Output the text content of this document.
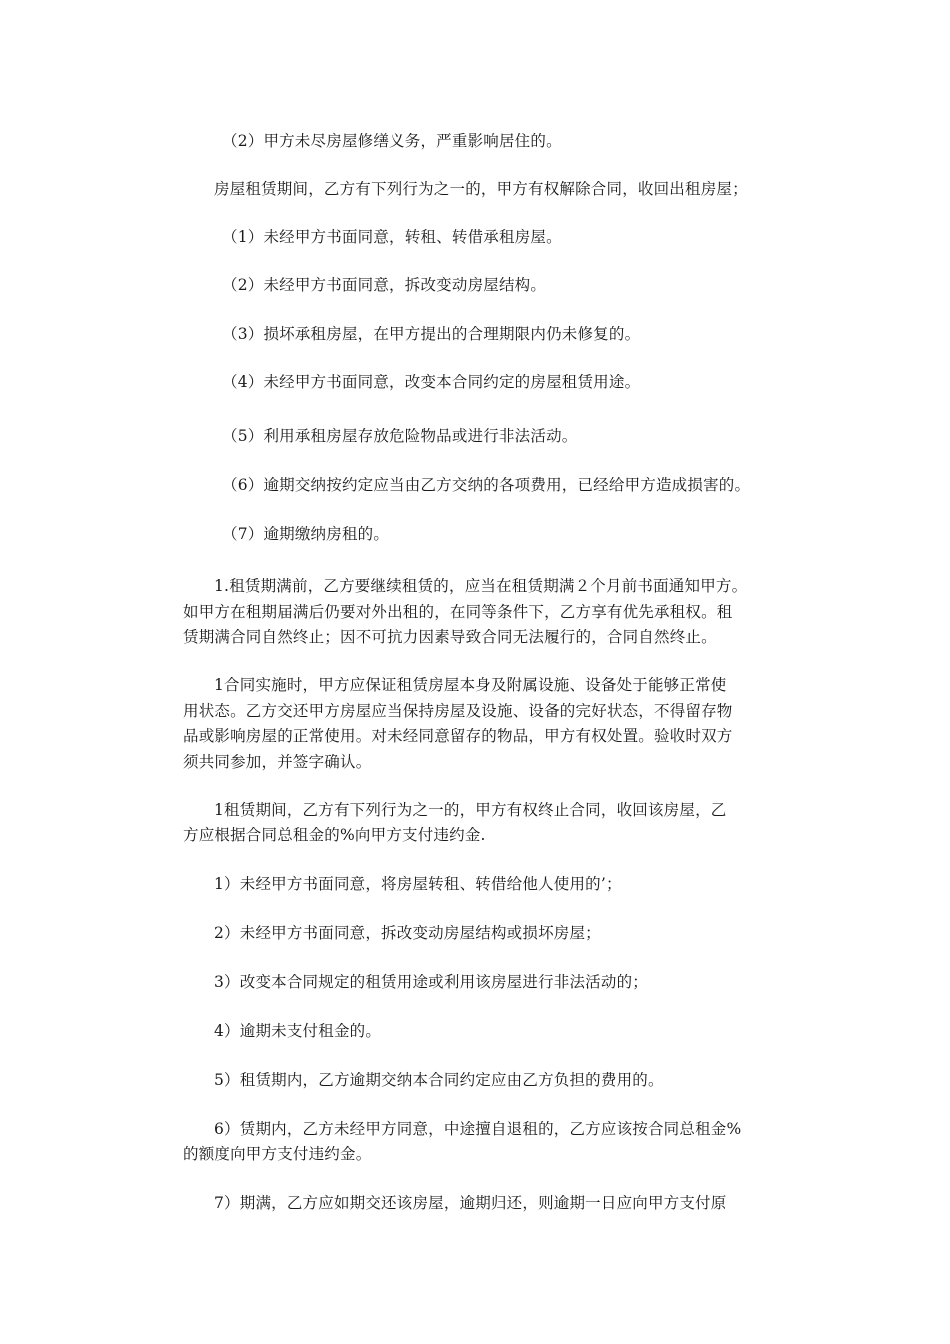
（2）甲方未尽房屋修缮义务，严重影响居住的。

房屋租赁期间，乙方有下列行为之一的，甲方有权解除合同，收回出租房屋；

（1）未经甲方书面同意，转租、转借承租房屋。

（2）未经甲方书面同意，拆改变动房屋结构。

（3）损坏承租房屋，在甲方提出的合理期限内仍未修复的。

（4）未经甲方书面同意，改变本合同约定的房屋租赁用途。

（5）利用承租房屋存放危险物品或进行非法活动。

（6）逾期交纳按约定应当由乙方交纳的各项费用，已经给甲方造成损害的。

（7）逾期缴纳房租的。

1.租赁期满前，乙方要继续租赁的，应当在租赁期满２个月前书面通知甲方。

如甲方在租期届满后仍要对外出租的，在同等条件下，乙方享有优先承租权。租

赁期满合同自然终止；因不可抗力因素导致合同无法履行的，合同自然终止。

1合同实施时，甲方应保证租赁房屋本身及附属设施、设备处于能够正常使

用状态。乙方交还甲方房屋应当保持房屋及设施、设备的完好状态，不得留存物

品或影响房屋的正常使用。对未经同意留存的物品，甲方有权处置。验收时双方

须共同参加，并签字确认。

1租赁期间，乙方有下列行为之一的，甲方有权终止合同，收回该房屋，乙

方应根据合同总租金的%向甲方支付违约金.

1）未经甲方书面同意，将房屋转租、转借给他人使用的’；

2）未经甲方书面同意，拆改变动房屋结构或损坏房屋；

3）改变本合同规定的租赁用途或利用该房屋进行非法活动的；

4）逾期未支付租金的。

5）租赁期内，乙方逾期交纳本合同约定应由乙方负担的费用的。

6）赁期内，乙方未经甲方同意，中途擅自退租的，乙方应该按合同总租金%

的额度向甲方支付违约金。

7）期满，乙方应如期交还该房屋，逾期归还，则逾期一日应向甲方支付原
